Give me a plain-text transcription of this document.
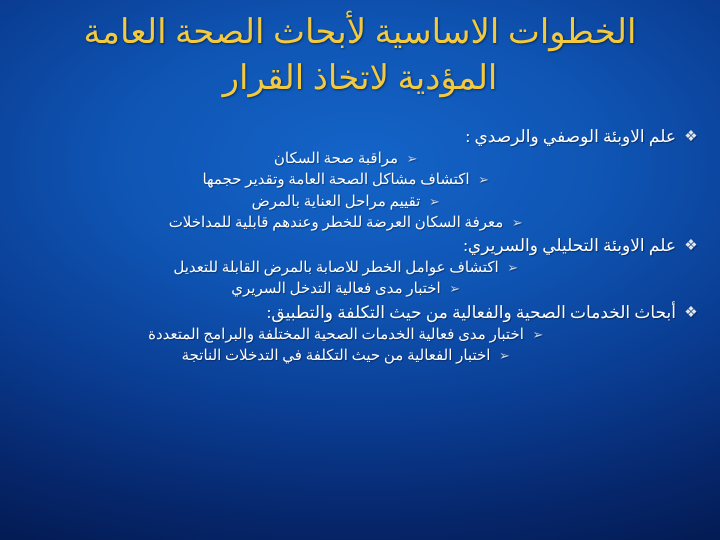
الخطوات الاساسية لأبحاث الصحة العامة المؤدية لاتخاذ القرار
❖
علم الاوبئة الوصفي والرصدي :
➢
مراقبة صحة السكان
➢
اكتشاف مشاكل الصحة العامة وتقدير حجمها
➢
تقييم مراحل العناية بالمرض
➢
معرفة السكان العرضة للخطر وعندهم قابلية للمداخلات
❖
علم الاوبئة التحليلي والسريري:
➢
اكتشاف عوامل الخطر للاصابة بالمرض القابلة للتعديل
➢
اختبار مدى فعالية التدخل السريري
❖
أبحاث الخدمات الصحية والفعالية من حيث التكلفة والتطبيق:
➢
اختبار مدى فعالية الخدمات الصحية المختلفة والبرامج المتعددة
➢
اختبار الفعالية من حيث التكلفة في التدخلات الناتجة
